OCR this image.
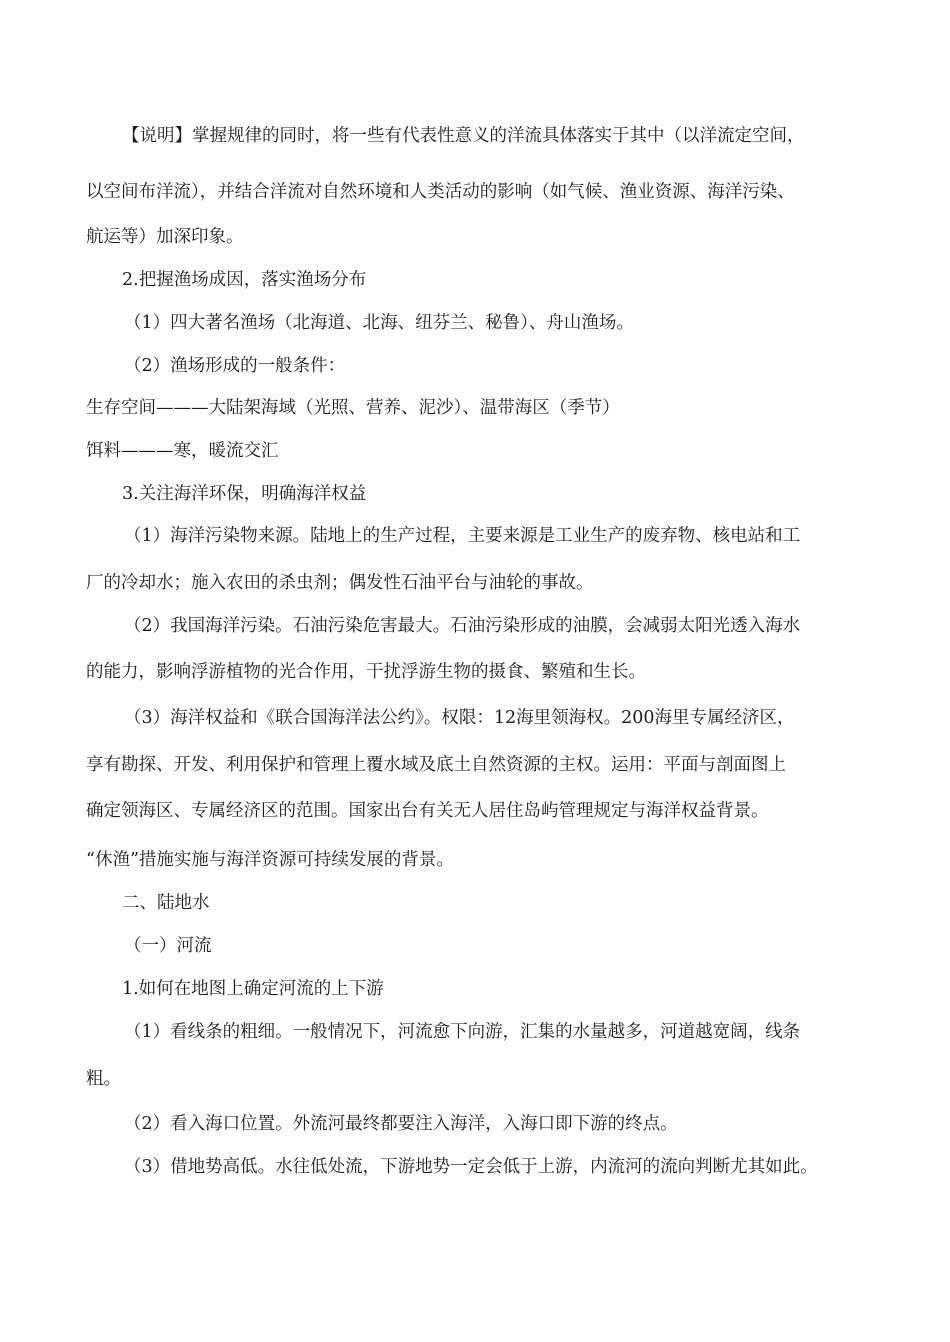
【说明】掌握规律的同时，将一些有代表性意义的洋流具体落实于其中（以洋流定空间，
以空间布洋流），并结合洋流对自然环境和人类活动的影响（如气候、渔业资源、海洋污染、
航运等）加深印象。
2.把握渔场成因，落实渔场分布
（1）四大著名渔场（北海道、北海、纽芬兰、秘鲁）、舟山渔场。
（2）渔场形成的一般条件：
生存空间———大陆架海域（光照、营养、泥沙）、温带海区（季节）
饵料———寒，暖流交汇
3.关注海洋环保，明确海洋权益
（1）海洋污染物来源。陆地上的生产过程，主要来源是工业生产的废弃物、核电站和工
厂的冷却水；施入农田的杀虫剂；偶发性石油平台与油轮的事故。
（2）我国海洋污染。石油污染危害最大。石油污染形成的油膜，会减弱太阳光透入海水
的能力，影响浮游植物的光合作用，干扰浮游生物的摄食、繁殖和生长。
（3）海洋权益和《联合国海洋法公约》。权限：12海里领海权。200海里专属经济区，
享有勘探、开发、利用保护和管理上覆水域及底土自然资源的主权。运用：平面与剖面图上
确定领海区、专属经济区的范围。国家出台有关无人居住岛屿管理规定与海洋权益背景。
“休渔”措施实施与海洋资源可持续发展的背景。
二、陆地水
（一）河流
1.如何在地图上确定河流的上下游
（1）看线条的粗细。一般情况下，河流愈下向游，汇集的水量越多，河道越宽阔，线条
粗。
（2）看入海口位置。外流河最终都要注入海洋，入海口即下游的终点。
（3）借地势高低。水往低处流，下游地势一定会低于上游，内流河的流向判断尤其如此。
